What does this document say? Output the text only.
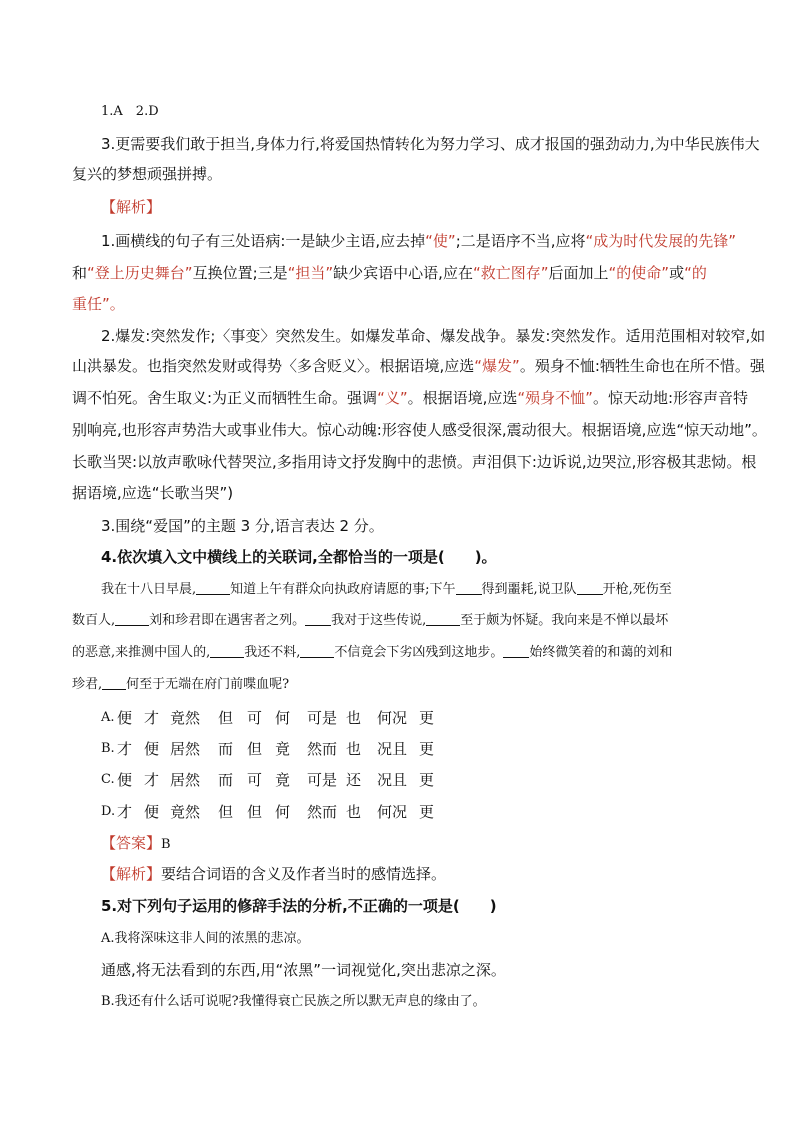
1.A　2.D
3.更需要我们敢于担当,身体力行,将爱国热情转化为努力学习、成才报国的强劲动力,为中华民族伟大
复兴的梦想顽强拼搏。
【解析】
1.画横线的句子有三处语病:一是缺少主语,应去掉“使”;二是语序不当,应将“成为时代发展的先锋”
和“登上历史舞台”互换位置;三是“担当”缺少宾语中心语,应在“救亡图存”后面加上“的使命”或“的
重任”。
2.爆发:突然发作;〈事变〉突然发生。如爆发革命、爆发战争。暴发:突然发作。适用范围相对较窄,如
山洪暴发。也指突然发财或得势〈多含贬义〉。根据语境,应选“爆发”。殒身不恤:牺牲生命也在所不惜。强
调不怕死。舍生取义:为正义而牺牲生命。强调“义”。根据语境,应选“殒身不恤”。惊天动地:形容声音特
别响亮,也形容声势浩大或事业伟大。惊心动魄:形容使人感受很深,震动很大。根据语境,应选“惊天动地”。
长歌当哭:以放声歌咏代替哭泣,多指用诗文抒发胸中的悲愤。声泪俱下:边诉说,边哭泣,形容极其悲恸。根
据语境,应选“长歌当哭”)
3.围绕“爱国”的主题 3 分,语言表达 2 分。
4.依次填入文中横线上的关联词,全都恰当的一项是(　　)。
我在十八日早晨,	知道上午有群众向执政府请愿的事;下午 得到噩耗,说卫队 开枪,死伤至
数百人,	刘和珍君即在遇害者之列。 我对于这些传说,	至于颇为怀疑。我向来是不惮以最坏
的恶意,来推测中国人的,	我还不料,	不信竟会下劣凶残到这地步。 始终微笑着的和蔼的刘和
珍君, 何至于无端在府门前喋血呢?
A. 便 才 竟然 但 可 何 可是 也 何况 更
B. 才 便 居然 而 但 竟 然而 也 况且 更
C. 便 才 居然 而 可 竟 可是 还 况且 更
D. 才 便 竟然 但 但 何 然而 也 何况 更
【答案】B
【解析】要结合词语的含义及作者当时的感情选择。
5.对下列句子运用的修辞手法的分析,不正确的一项是(　　)
A.我将深味这非人间的浓黑的悲凉。
通感,将无法看到的东西,用“浓黑”一词视觉化,突出悲凉之深。
B.我还有什么话可说呢?我懂得衰亡民族之所以默无声息的缘由了。
